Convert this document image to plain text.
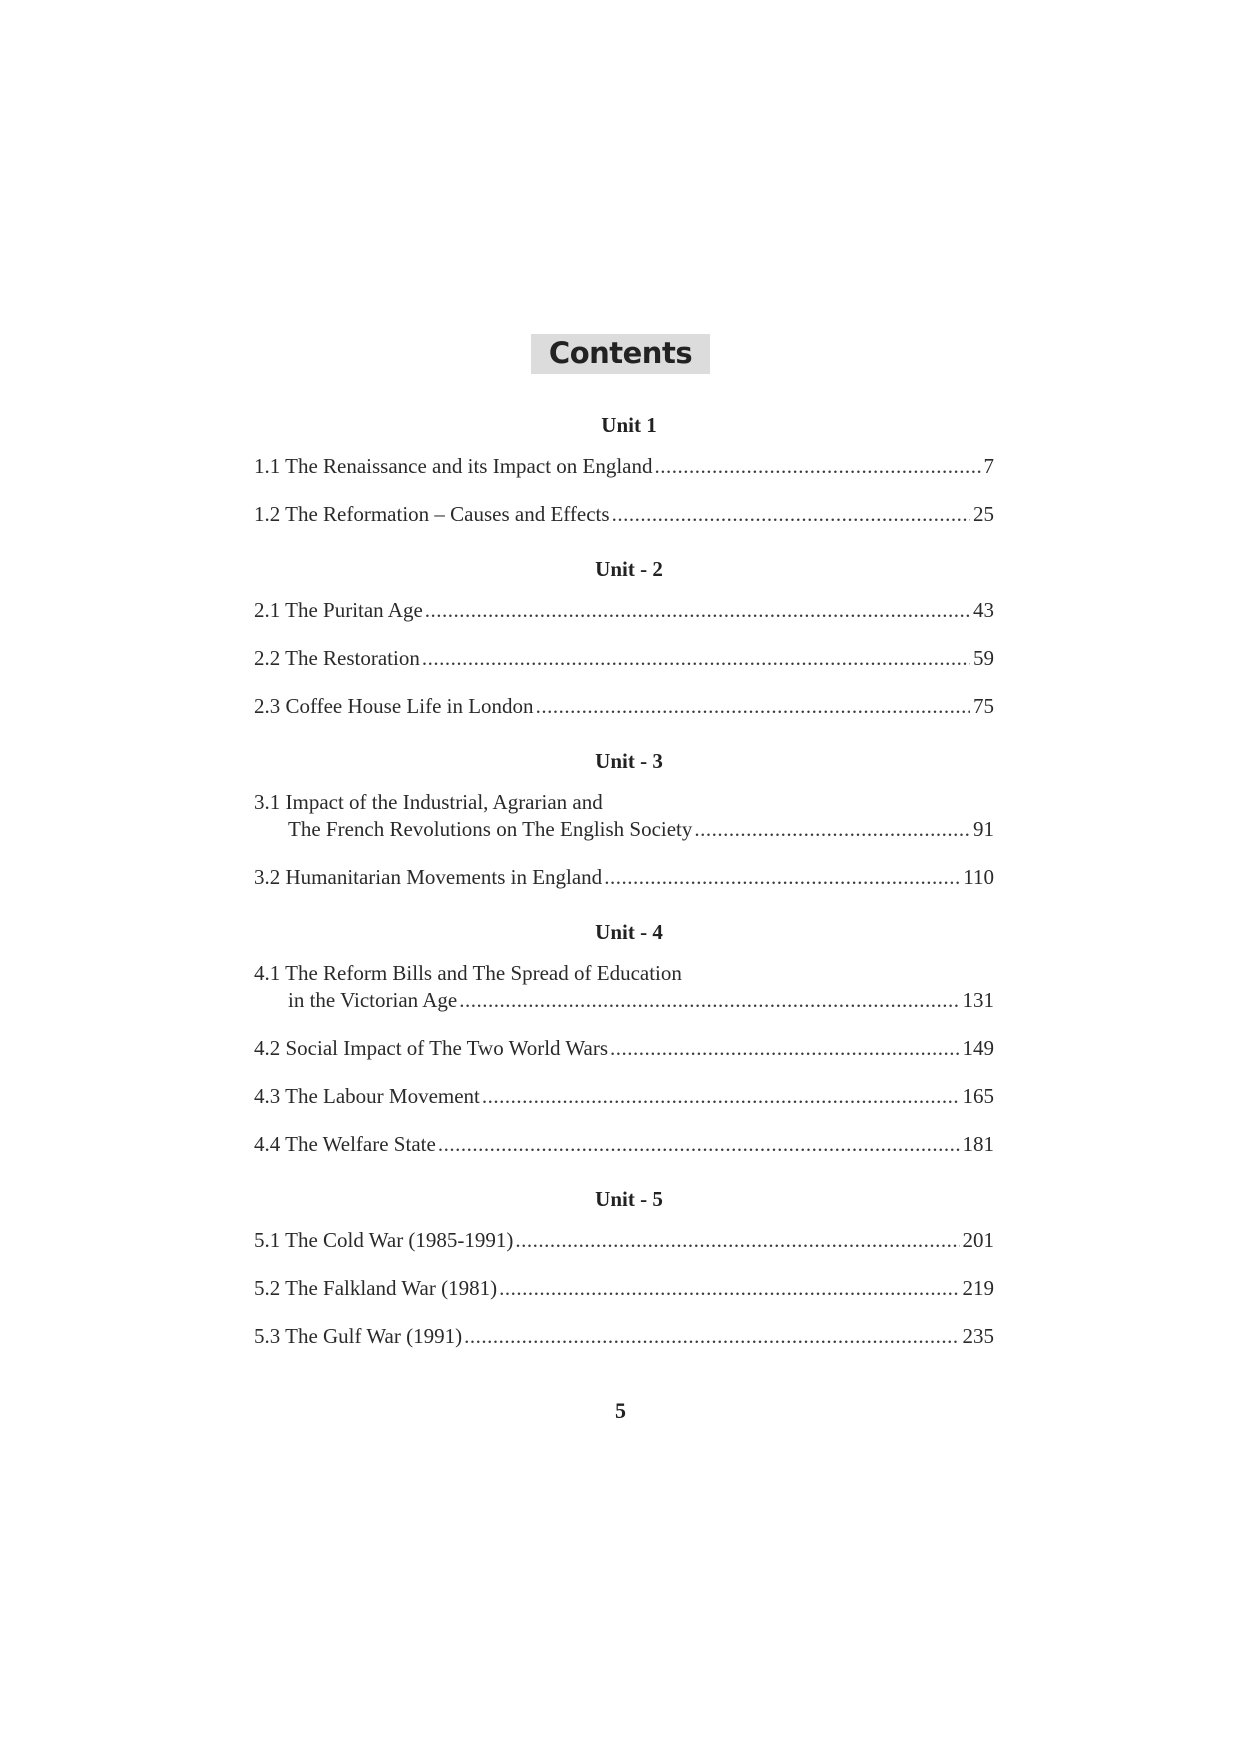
Contents
Unit 1
1.1 The Renaissance and its Impact on England .....	7
1.2 The Reformation – Causes and Effects .....	25
Unit - 2
2.1 The Puritan Age .....	43
2.2 The Restoration .....	59
2.3 Coffee House Life in London .....	75
Unit - 3
3.1 Impact of the Industrial, Agrarian and
The French Revolutions on The English Society .....	91
3.2 Humanitarian Movements in England .....	110
Unit - 4
4.1 The Reform Bills and The Spread of Education
in the Victorian Age .....	131
4.2 Social Impact of The Two World Wars .....	149
4.3 The Labour Movement .....	165
4.4 The Welfare State .....	181
Unit - 5
5.1 The Cold War (1985-1991) .....	201
5.2 The Falkland War (1981) .....	219
5.3 The Gulf War (1991) .....	235
5
